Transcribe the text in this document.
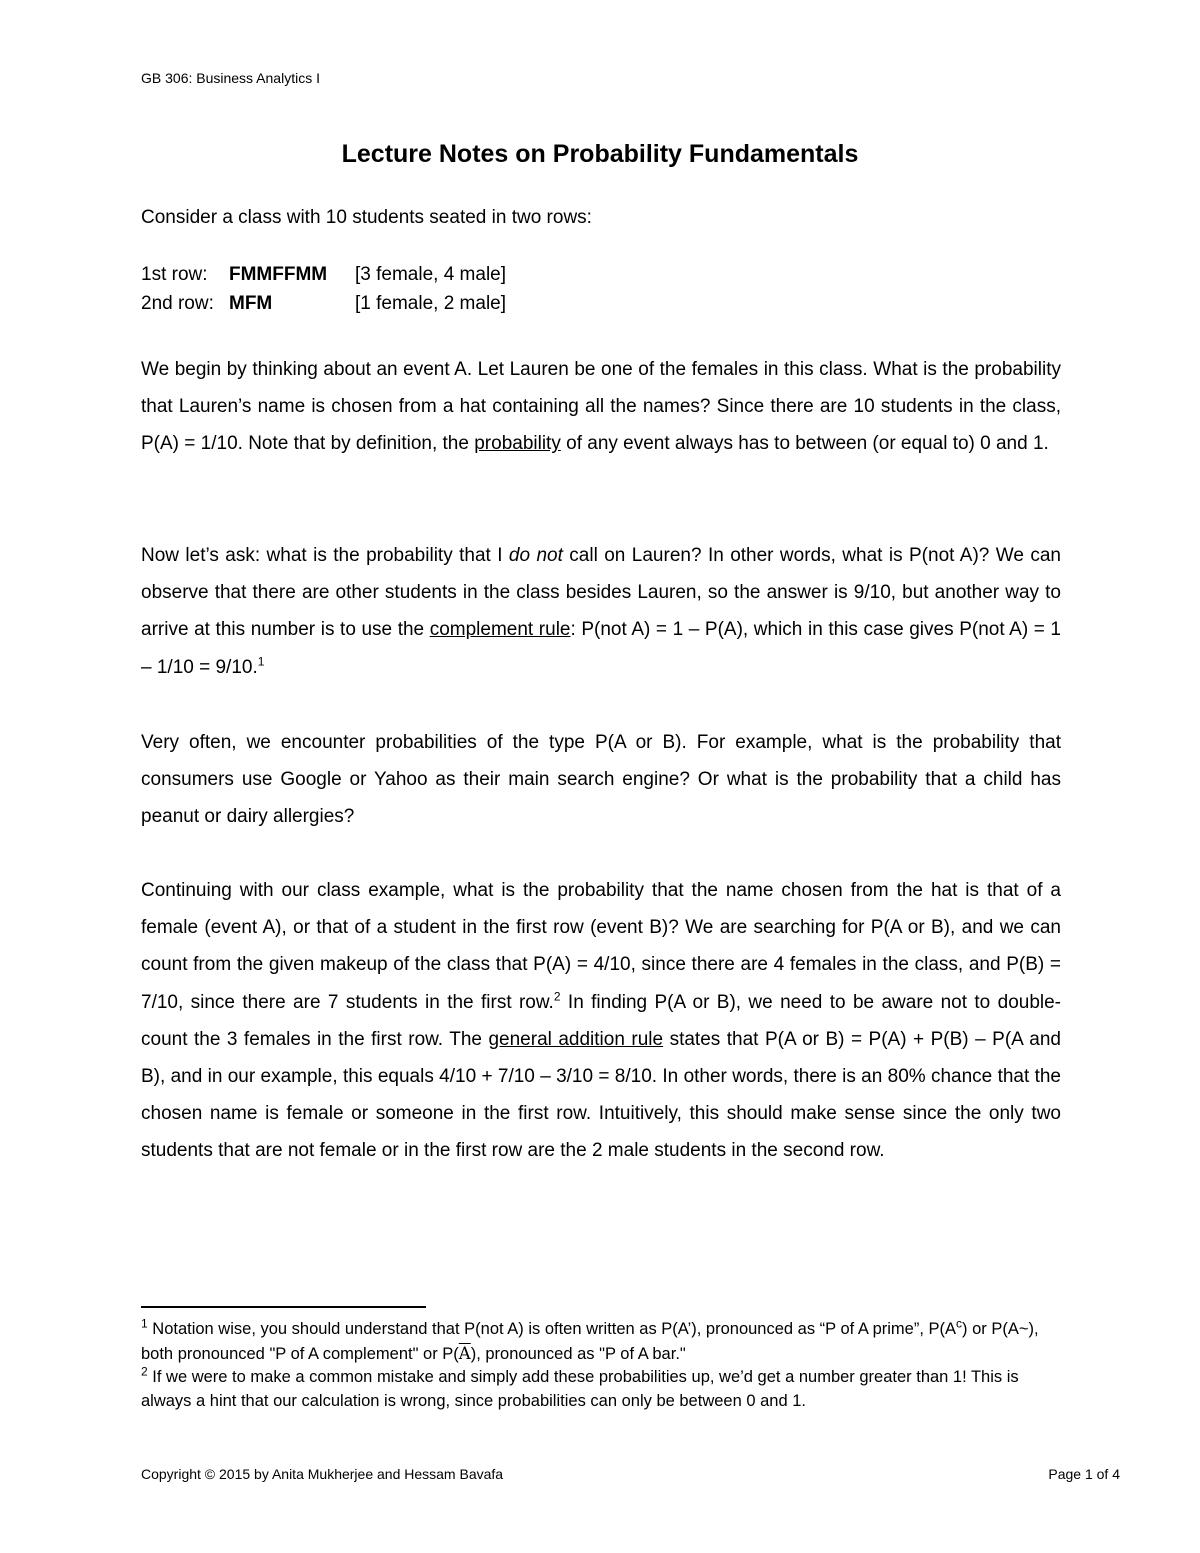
GB 306: Business Analytics I
Lecture Notes on Probability Fundamentals
Consider a class with 10 students seated in two rows:
1st row: FMMFFMM [3 female, 4 male]
2nd row: MFM	[1 female, 2 male]

We begin by thinking about an event A. Let Lauren be one of the females in this class. What is the probability that Lauren’s name is chosen from a hat containing all the names? Since there are 10 students in the class, P(A) = 1/10. Note that by definition, the probability of any event always has to between (or equal to) 0 and 1.

Now let’s ask: what is the probability that I do not call on Lauren? In other words, what is P(not A)? We can observe that there are other students in the class besides Lauren, so the answer is 9/10, but another way to arrive at this number is to use the complement rule: P(not A) = 1 – P(A), which in this case gives P(not A) = 1 – 1/10 = 9/10.$^1$

Very often, we encounter probabilities of the type P(A or B). For example, what is the probability that consumers use Google or Yahoo as their main search engine? Or what is the probability that a child has peanut or dairy allergies?

Continuing with our class example, what is the probability that the name chosen from the hat is that of a female (event A), or that of a student in the first row (event B)? We are searching for P(A or B), and we can count from the given makeup of the class that P(A) = 4/10, since there are 4 females in the class, and P(B) = 7/10, since there are 7 students in the first row.$^2$ In finding P(A or B), we need to be aware not to double-count the 3 females in the first row. The general addition rule states that P(A or B) = P(A) + P(B) – P(A and B), and in our example, this equals 4/10 + 7/10 – 3/10 = 8/10. In other words, there is an 80% chance that the chosen name is female or someone in the first row. Intuitively, this should make sense since the only two students that are not female or in the first row are the 2 male students in the second row.

$^1$ Notation wise, you should understand that P(not A) is often written as P(A’), pronounced as “P of A prime”, $P(A^c)$ or P(A~), both pronounced "P of A complement" or $P(\overline{A})$, pronounced as "P of A bar."

$^2$ If we were to make a common mistake and simply add these probabilities up, we’d get a number greater than 1! This is always a hint that our calculation is wrong, since probabilities can only be between 0 and 1.

Copyright © 2015 by Anita Mukherjee and Hessam Bavafa	Page 1 of 4
